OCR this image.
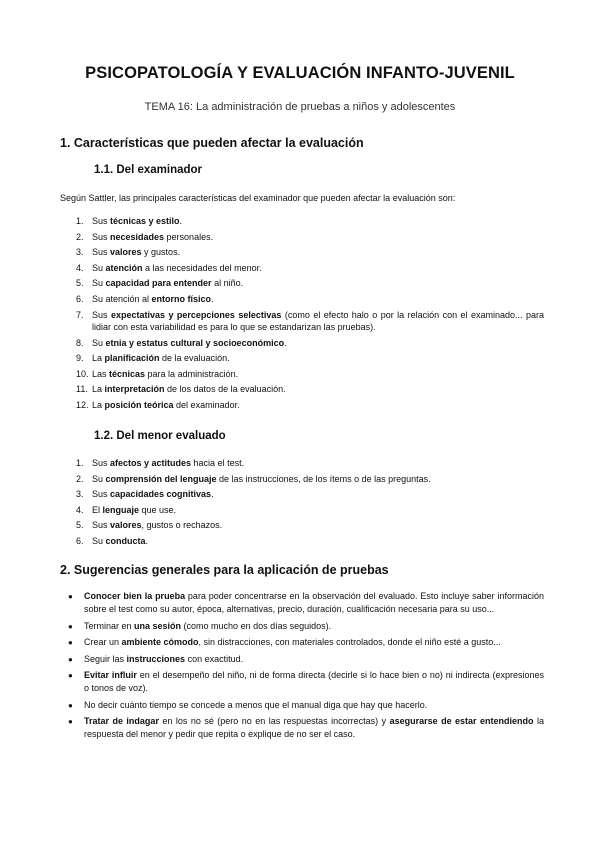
PSICOPATOLOGÍA Y EVALUACIÓN INFANTO-JUVENIL
TEMA 16: La administración de pruebas a niños y adolescentes
1. Características que pueden afectar la evaluación
1.1. Del examinador
Según Sattler, las principales características del examinador que pueden afectar la evaluación son:
1. Sus técnicas y estilo.
2. Sus necesidades personales.
3. Sus valores y gustos.
4. Su atención a las necesidades del menor.
5. Su capacidad para entender al niño.
6. Su atención al entorno físico.
7. Sus expectativas y percepciones selectivas (como el efecto halo o por la relación con el examinado... para lidiar con esta variabilidad es para lo que se estandarizan las pruebas).
8. Su etnia y estatus cultural y socioeconómico.
9. La planificación de la evaluación.
10. Las técnicas para la administración.
11. La interpretación de los datos de la evaluación.
12. La posición teórica del examinador.
1.2. Del menor evaluado
1. Sus afectos y actitudes hacia el test.
2. Su comprensión del lenguaje de las instrucciones, de los ítems o de las preguntas.
3. Sus capacidades cognitivas.
4. El lenguaje que use.
5. Sus valores, gustos o rechazos.
6. Su conducta.
2. Sugerencias generales para la aplicación de pruebas
● Conocer bien la prueba para poder concentrarse en la observación del evaluado. Esto incluye saber información sobre el test como su autor, época, alternativas, precio, duración, cualificación necesaria para su uso...
● Terminar en una sesión (como mucho en dos días seguidos).
● Crear un ambiente cómodo, sin distracciones, con materiales controlados, donde el niño esté a gusto...
● Seguir las instrucciones con exactitud.
● Evitar influir en el desempeño del niño, ni de forma directa (decirle si lo hace bien o no) ni indirecta (expresiones o tonos de voz).
● No decir cuánto tiempo se concede a menos que el manual diga que hay que hacerlo.
● Tratar de indagar en los no sé (pero no en las respuestas incorrectas) y asegurarse de estar entendiendo la respuesta del menor y pedir que repita o explique de no ser el caso.
